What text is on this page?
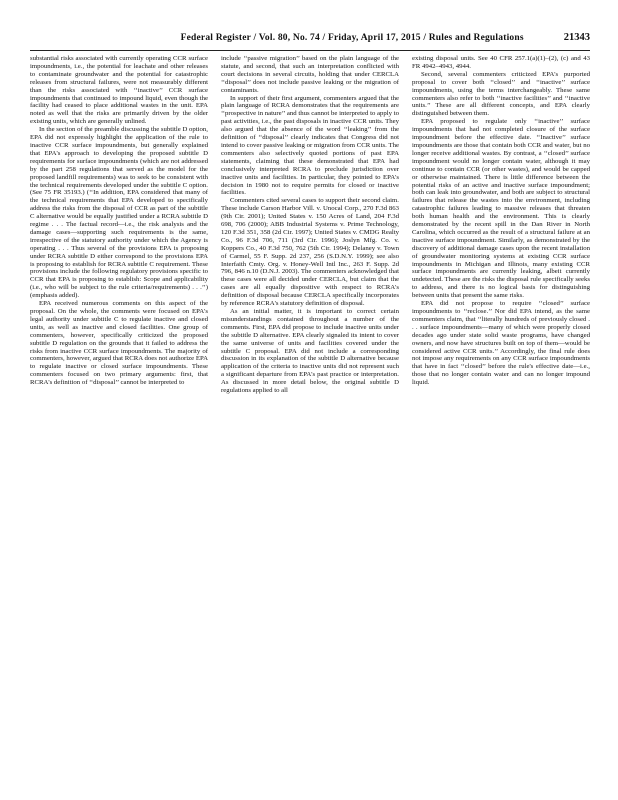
Federal Register / Vol. 80, No. 74 / Friday, April 17, 2015 / Rules and Regulations	21343

substantial risks associated with currently operating CCR surface impoundments, i.e., the potential for leachate and other releases to contaminate groundwater and the potential for catastrophic releases from structural failures, were not measurably different than the risks associated with ‘‘inactive’’ CCR surface impoundments that continued to impound liquid, even though the facility had ceased to place additional wastes in the unit. EPA noted as well that the risks are primarily driven by the older existing units, which are generally unlined.

In the section of the preamble discussing the subtitle D option, EPA did not expressly highlight the application of the rule to inactive CCR surface impoundments, but generally explained that EPA's approach to developing the proposed subtitle D requirements for surface impoundments (which are not addressed by the part 258 regulations that served as the model for the proposed landfill requirements) was to seek to be consistent with the technical requirements developed under the subtitle C option. (See 75 FR 35193.) (‘‘In addition, EPA considered that many of the technical requirements that EPA developed to specifically address the risks from the disposal of CCR as part of the subtitle C alternative would be equally justified under a RCRA subtitle D regime . . . The factual record—i.e., the risk analysis and the damage cases—supporting such requirements is the same, irrespective of the statutory authority under which the Agency is operating . . . Thus several of the provisions EPA is proposing under RCRA subtitle D either correspond to the provisions EPA is proposing to establish for RCRA subtitle C requirement. These provisions include the following regulatory provisions specific to CCR that EPA is proposing to establish: Scope and applicability (i.e., who will be subject to the rule criteria/requirements) . . .’’) (emphasis added).

EPA received numerous comments on this aspect of the proposal. On the whole, the comments were focused on EPA's legal authority under subtitle C to regulate inactive and closed units, as well as inactive and closed facilities. One group of commenters, however, specifically criticized the proposed subtitle D regulation on the grounds that it failed to address the risks from inactive CCR surface impoundments. The majority of commenters, however, argued that RCRA does not authorize EPA to regulate inactive or closed surface impoundments. These commenters focused on two primary arguments: first, that RCRA's definition of ‘‘disposal’’ cannot be interpreted to

include ‘‘passive migration’’ based on the plain language of the statute, and second, that such an interpretation conflicted with court decisions in several circuits, holding that under CERCLA ‘‘disposal’’ does not include passive leaking or the migration of contaminants.

In support of their first argument, commenters argued that the plain language of RCRA demonstrates that the requirements are ‘‘prospective in nature’’ and thus cannot be interpreted to apply to past activities, i.e., the past disposals in inactive CCR units. They also argued that the absence of the word ‘‘leaking’’ from the definition of ‘‘disposal’’ clearly indicates that Congress did not intend to cover passive leaking or migration from CCR units. The commenters also selectively quoted portions of past EPA statements, claiming that these demonstrated that EPA had conclusively interpreted RCRA to preclude jurisdiction over inactive units and facilities. In particular, they pointed to EPA's decision in 1980 not to require permits for closed or inactive facilities.

Commenters cited several cases to support their second claim. These include Carson Harbor Vill. v. Unocal Corp., 270 F.3d 863 (9th Cir. 2001); United States v. 150 Acres of Land, 204 F.3d 698, 706 (2000); ABB Industrial Systems v. Prime Technology, 120 F.3d 351, 358 (2d Cir. 1997); United States v. CMDG Realty Co., 96 F.3d 706, 711 (3rd Cir. 1996); Joslyn Mfg. Co. v. Koppers Co., 40 F.3d 750, 762 (5th Cir. 1994); Delaney v. Town of Carmel, 55 F. Supp. 2d 237, 256 (S.D.N.Y. 1999); see also Interfaith Cmty. Org. v. Honey-Well Intl Inc., 263 F. Supp. 2d 796, 846 n.10 (D.N.J. 2003). The commenters acknowledged that these cases were all decided under CERCLA, but claim that the cases are all equally dispositive with respect to RCRA's definition of disposal because CERCLA specifically incorporates by reference RCRA's statutory definition of disposal.

As an initial matter, it is important to correct certain misunderstandings contained throughout a number of the comments. First, EPA did propose to include inactive units under the subtitle D alternative. EPA clearly signaled its intent to cover the same universe of units and facilities covered under the subtitle C proposal. EPA did not include a corresponding discussion in its explanation of the subtitle D alternative because application of the criteria to inactive units did not represent such a significant departure from EPA's past practice or interpretation. As discussed in more detail below, the original subtitle D regulations applied to all

existing disposal units. See 40 CFR 257.1(a)(1)–(2), (c) and 43 FR 4942–4943, 4944.

Second, several commenters criticized EPA's purported proposal to cover both ‘‘closed’’ and ‘‘inactive’’ surface impoundments, using the terms interchangeably. These same commenters also refer to both ‘‘inactive facilities’’ and ‘‘inactive units.’’ These are all different concepts, and EPA clearly distinguished between them.

EPA proposed to regulate only ‘‘inactive’’ surface impoundments that had not completed closure of the surface impoundment before the effective date. ‘‘Inactive’’ surface impoundments are those that contain both CCR and water, but no longer receive additional wastes. By contrast, a ‘‘closed’’ surface impoundment would no longer contain water, although it may continue to contain CCR (or other wastes), and would be capped or otherwise maintained. There is little difference between the potential risks of an active and inactive surface impoundment; both can leak into groundwater, and both are subject to structural failures that release the wastes into the environment, including catastrophic failures leading to massive releases that threaten both human health and the environment. This is clearly demonstrated by the recent spill in the Dan River in North Carolina, which occurred as the result of a structural failure at an inactive surface impoundment. Similarly, as demonstrated by the discovery of additional damage cases upon the recent installation of groundwater monitoring systems at existing CCR surface impoundments in Michigan and Illinois, many existing CCR surface impoundments are currently leaking, albeit currently undetected. These are the risks the disposal rule specifically seeks to address, and there is no logical basis for distinguishing between units that present the same risks.

EPA did not propose to require ‘‘closed’’ surface impoundments to ‘‘reclose.’’ Nor did EPA intend, as the same commenters claim, that ‘‘literally hundreds of previously closed . . . surface impoundments—many of which were properly closed decades ago under state solid waste programs, have changed owners, and now have structures built on top of them—would be considered active CCR units.’’ Accordingly, the final rule does not impose any requirements on any CCR surface impoundments that have in fact ‘‘closed’’ before the rule's effective date—i.e., those that no longer contain water and can no longer impound liquid.
